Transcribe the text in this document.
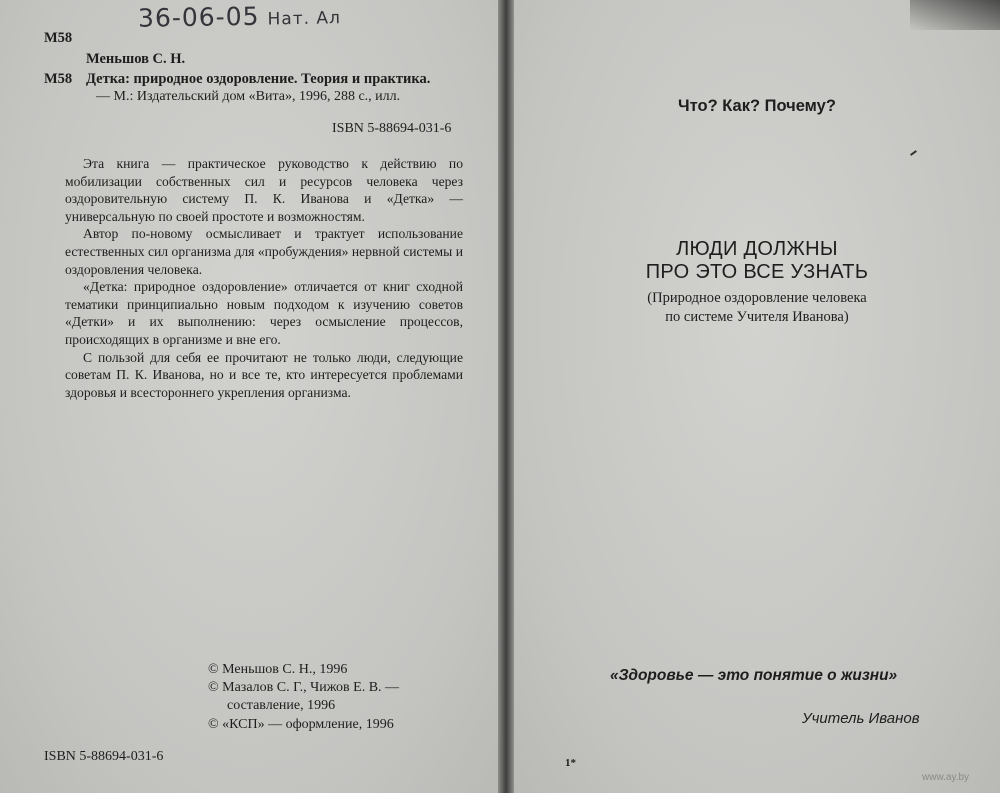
36-06-05 Нат. Ал
М58
Меньшов С. Н.
М58 Детка: природное оздоровление. Теория и практика.
— М.: Издательский дом «Вита», 1996, 288 с., илл.
ISBN 5-88694-031-6

Эта книга — практическое руководство к действию по мобилизации собственных сил и ресурсов человека через оздоровительную систему П. К. Иванова и «Детка» — универсальную по своей простоте и возможностям.

Автор по-новому осмысливает и трактует использование естественных сил организма для «пробуждения» нервной системы и оздоровления человека.

«Детка: природное оздоровление» отличается от книг сходной тематики принципиально новым подходом к изучению советов «Детки» и их выполнению: через осмысление процессов, происходящих в организме и вне его.

С пользой для себя ее прочитают не только люди, следующие советам П. К. Иванова, но и все те, кто интересуется проблемами здоровья и всестороннего укрепления организма.

© Меньшов С. Н., 1996
© Мазалов С. Г., Чижов Е. В. —
составление, 1996
© «КСП» — оформление, 1996
ISBN 5-88694-031-6
Что? Как? Почему?
ЛЮДИ ДОЛЖНЫ
ПРО ЭТО ВСЕ УЗНАТЬ
(Природное оздоровление человека
по системе Учителя Иванова)
«Здоровье — это понятие о жизни»
Учитель Иванов
1*
www.ay.by
